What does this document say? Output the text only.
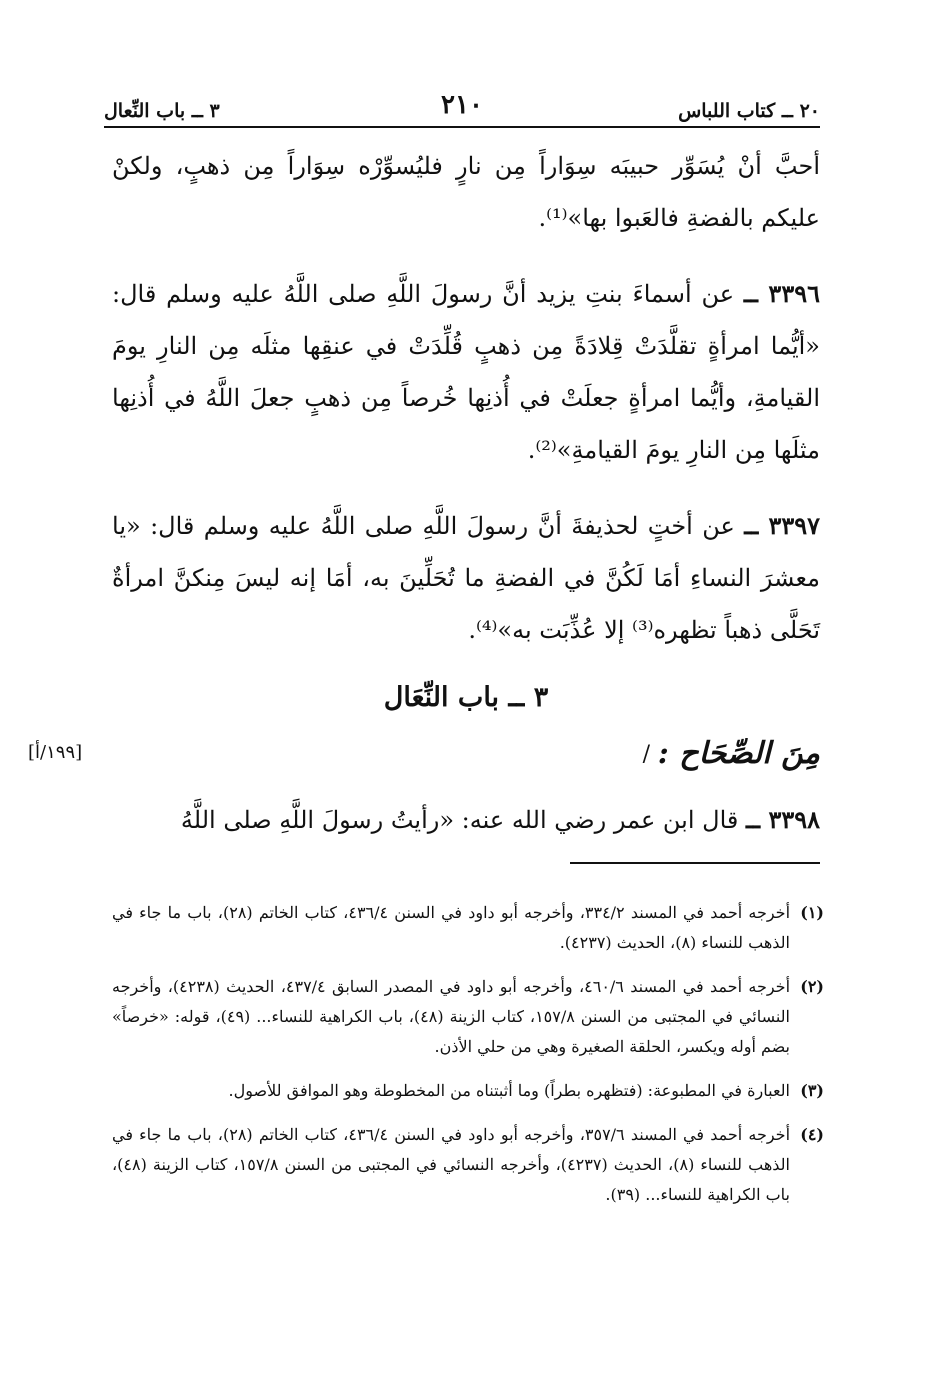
٢٠ ــ كتاب اللباس
٢١٠
٣ ــ باب النِّعال

أحبَّ أنْ يُسَوِّر حبيبَه سِوَاراً مِن نارٍ فليُسوِّرْه سِوَاراً مِن ذهبٍ، ولكنْ عليكم بالفضةِ فالعَبوا بها»⁽¹⁾.

٣٣٩٦ ــ عن أسماءَ بنتِ يزيد أنَّ رسولَ اللَّهِ صلى اللَّهُ عليه وسلم قال: «أيُّما امرأةٍ تقلَّدَتْ قِلادَةً مِن ذهبٍ قُلِّدَتْ في عنقِها مثلَه مِن النارِ يومَ القيامةِ، وأيُّما امرأةٍ جعلَتْ في أُذنِها خُرصاً مِن ذهبٍ جعلَ اللَّهُ في أُذنِها مثلَها مِن النارِ يومَ القيامةِ»⁽²⁾.

٣٣٩٧ ــ عن أختٍ لحذيفةَ أنَّ رسولَ اللَّهِ صلى اللَّهُ عليه وسلم قال: «يا معشرَ النساءِ أمَا لَكُنَّ في الفضةِ ما تُحَلِّينَ به، أمَا إنه ليسَ مِنكنَّ امرأةٌ تَحَلَّى ذهباً تظهره⁽³⁾ إلا عُذِّبَت به»⁽⁴⁾.

٣ ــ باب النِّعَال
مِنَ الصِّحَاح :
/
[١٩٩/أ]

٣٣٩٨ ــ قال ابن عمر رضي الله عنه: «رأيتُ رسولَ اللَّهِ صلى اللَّهُ

(١)
أخرجه أحمد في المسند ٣٣٤/٢، وأخرجه أبو داود في السنن ٤٣٦/٤، كتاب الخاتم (٢٨)، باب ما جاء في الذهب للنساء (٨)، الحديث (٤٢٣٧).
(٢)
أخرجه أحمد في المسند ٤٦٠/٦، وأخرجه أبو داود في المصدر السابق ٤٣٧/٤، الحديث (٤٢٣٨)، وأخرجه النسائي في المجتبى من السنن ١٥٧/٨، كتاب الزينة (٤٨)، باب الكراهية للنساء... (٤٩)، قوله: «خرصاً» بضم أوله ويكسر، الحلقة الصغيرة وهي من حلي الأذن.
(٣)
العبارة في المطبوعة: (فتظهره بطراً) وما أثبتناه من المخطوطة وهو الموافق للأصول.
(٤)
أخرجه أحمد في المسند ٣٥٧/٦، وأخرجه أبو داود في السنن ٤٣٦/٤، كتاب الخاتم (٢٨)، باب ما جاء في الذهب للنساء (٨)، الحديث (٤٢٣٧)، وأخرجه النسائي في المجتبى من السنن ١٥٧/٨، كتاب الزينة (٤٨)، باب الكراهية للنساء... (٣٩).
